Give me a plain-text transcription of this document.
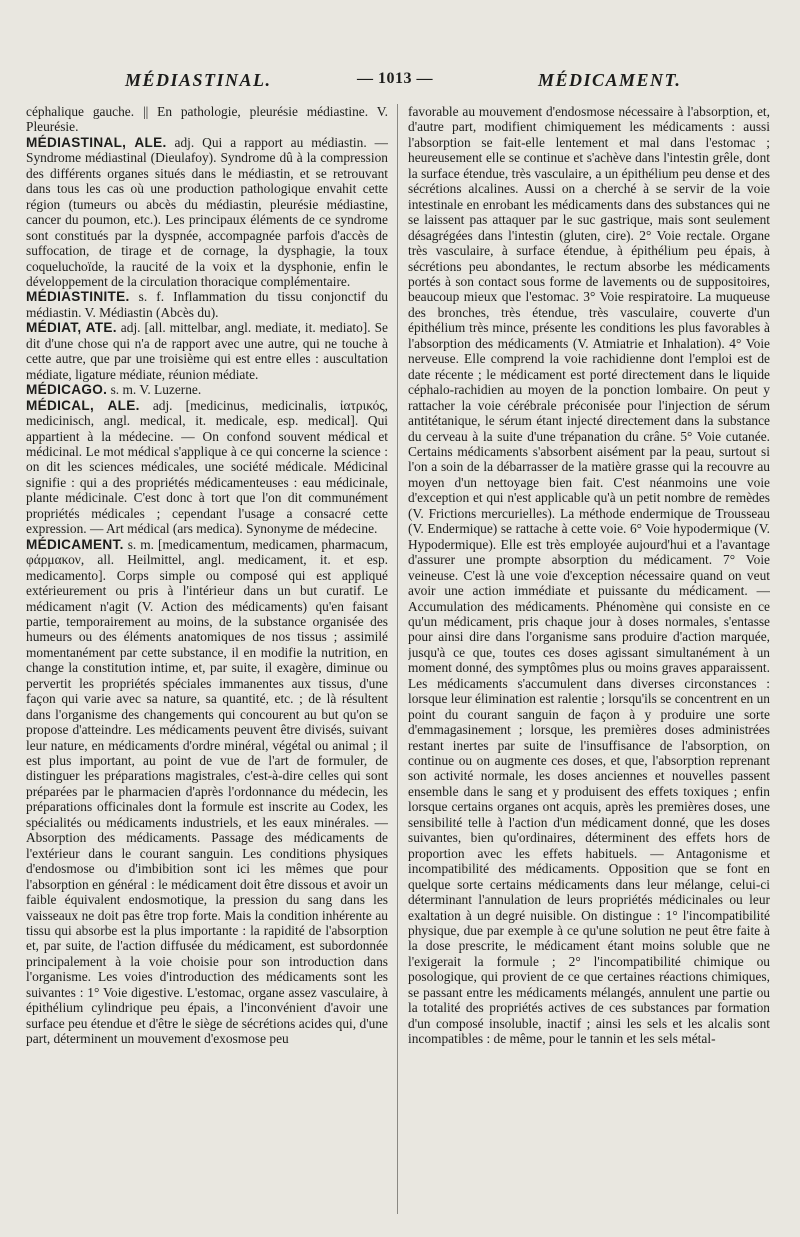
MÉDIASTINAL.	— 1013 —	MÉDICAMENT.

céphalique gauche. || En pathologie, pleurésie médiastine. V. Pleurésie.

MÉDIASTINAL, ALE. adj. Qui a rapport au médiastin. — Syndrome médiastinal (Dieulafoy). Syndrome dû à la compression des différents organes situés dans le médiastin, et se retrouvant dans tous les cas où une production pathologique envahit cette région (tumeurs ou abcès du médiastin, pleurésie médiastine, cancer du poumon, etc.). Les principaux éléments de ce syndrome sont constitués par la dyspnée, accompagnée parfois d'accès de suffocation, de tirage et de cornage, la dysphagie, la toux coqueluchoïde, la raucité de la voix et la dysphonie, enfin le développement de la circulation thoracique complémentaire.

MÉDIASTINITE. s. f. Inflammation du tissu conjonctif du médiastin. V. Médiastin (Abcès du).

MÉDIAT, ATE. adj. [all. mittelbar, angl. mediate, it. mediato]. Se dit d'une chose qui n'a de rapport avec une autre, qui ne touche à cette autre, que par une troisième qui est entre elles : auscultation médiate, ligature médiate, réunion médiate.

MÉDICAGO. s. m. V. Luzerne.

MÉDICAL, ALE. adj. [medicinus, medicinalis, ἰατρικός, medicinisch, angl. medical, it. medicale, esp. medical]. Qui appartient à la médecine. — On confond souvent médical et médicinal. Le mot médical s'applique à ce qui concerne la science : on dit les sciences médicales, une société médicale. Médicinal signifie : qui a des propriétés médicamenteuses : eau médicinale, plante médicinale. C'est donc à tort que l'on dit communément propriétés médicales ; cependant l'usage a consacré cette expression. — Art médical (ars medica). Synonyme de médecine.

MÉDICAMENT. s. m. [medicamentum, medicamen, pharmacum, φάρμακον, all. Heilmittel, angl. medicament, it. et esp. medicamento]. Corps simple ou composé qui est appliqué extérieurement ou pris à l'intérieur dans un but curatif. Le médicament n'agit (V. Action des médicaments) qu'en faisant partie, temporairement au moins, de la substance organisée des humeurs ou des éléments anatomiques de nos tissus ; assimilé momentanément par cette substance, il en modifie la nutrition, en change la constitution intime, et, par suite, il exagère, diminue ou pervertit les propriétés spéciales immanentes aux tissus, d'une façon qui varie avec sa nature, sa quantité, etc. ; de là résultent dans l'organisme des changements qui concourent au but qu'on se propose d'atteindre. Les médicaments peuvent être divisés, suivant leur nature, en médicaments d'ordre minéral, végétal ou animal ; il est plus important, au point de vue de l'art de formuler, de distinguer les préparations magistrales, c'est-à-dire celles qui sont préparées par le pharmacien d'après l'ordonnance du médecin, les préparations officinales dont la formule est inscrite au Codex, les spécialités ou médicaments industriels, et les eaux minérales. — Absorption des médicaments. Passage des médicaments de l'extérieur dans le courant sanguin. Les conditions physiques d'endosmose ou d'imbibition sont ici les mêmes que pour l'absorption en général : le médicament doit être dissous et avoir un faible équivalent endosmotique, la pression du sang dans les vaisseaux ne doit pas être trop forte. Mais la condition inhérente au tissu qui absorbe est la plus importante : la rapidité de l'absorption et, par suite, de l'action diffusée du médicament, est subordonnée principalement à la voie choisie pour son introduction dans l'organisme. Les voies d'introduction des médicaments sont les suivantes : 1° Voie digestive. L'estomac, organe assez vasculaire, à épithélium cylindrique peu épais, a l'inconvénient d'avoir une surface peu étendue et d'être le siège de sécrétions acides qui, d'une part, déterminent un mouvement d'exosmose peu

favorable au mouvement d'endosmose nécessaire à l'absorption, et, d'autre part, modifient chimiquement les médicaments : aussi l'absorption se fait-elle lentement et mal dans l'estomac ; heureusement elle se continue et s'achève dans l'intestin grêle, dont la surface étendue, très vasculaire, a un épithélium peu dense et des sécrétions alcalines. Aussi on a cherché à se servir de la voie intestinale en enrobant les médicaments dans des substances qui ne se laissent pas attaquer par le suc gastrique, mais sont seulement désagrégées dans l'intestin (gluten, cire). 2° Voie rectale. Organe très vasculaire, à surface étendue, à épithélium peu épais, à sécrétions peu abondantes, le rectum absorbe les médicaments portés à son contact sous forme de lavements ou de suppositoires, beaucoup mieux que l'estomac. 3° Voie respiratoire. La muqueuse des bronches, très étendue, très vasculaire, couverte d'un épithélium très mince, présente les conditions les plus favorables à l'absorption des médicaments (V. Atmiatrie et Inhalation). 4° Voie nerveuse. Elle comprend la voie rachidienne dont l'emploi est de date récente ; le médicament est porté directement dans le liquide céphalo-rachidien au moyen de la ponction lombaire. On peut y rattacher la voie cérébrale préconisée pour l'injection de sérum antitétanique, le sérum étant injecté directement dans la substance du cerveau à la suite d'une trépanation du crâne. 5° Voie cutanée. Certains médicaments s'absorbent aisément par la peau, surtout si l'on a soin de la débarrasser de la matière grasse qui la recouvre au moyen d'un nettoyage bien fait. C'est néanmoins une voie d'exception et qui n'est applicable qu'à un petit nombre de remèdes (V. Frictions mercurielles). La méthode endermique de Trousseau (V. Endermique) se rattache à cette voie. 6° Voie hypodermique (V. Hypodermique). Elle est très employée aujourd'hui et a l'avantage d'assurer une prompte absorption du médicament. 7° Voie veineuse. C'est là une voie d'exception nécessaire quand on veut avoir une action immédiate et puissante du médicament. — Accumulation des médicaments. Phénomène qui consiste en ce qu'un médicament, pris chaque jour à doses normales, s'entasse pour ainsi dire dans l'organisme sans produire d'action marquée, jusqu'à ce que, toutes ces doses agissant simultanément à un moment donné, des symptômes plus ou moins graves apparaissent. Les médicaments s'accumulent dans diverses circonstances : lorsque leur élimination est ralentie ; lorsqu'ils se concentrent en un point du courant sanguin de façon à y produire une sorte d'emmagasinement ; lorsque, les premières doses administrées restant inertes par suite de l'insuffisance de l'absorption, on continue ou on augmente ces doses, et que, l'absorption reprenant son activité normale, les doses anciennes et nouvelles passent ensemble dans le sang et y produisent des effets toxiques ; enfin lorsque certains organes ont acquis, après les premières doses, une sensibilité telle à l'action d'un médicament donné, que les doses suivantes, bien qu'ordinaires, déterminent des effets hors de proportion avec les effets habituels. — Antagonisme et incompatibilité des médicaments. Opposition que se font en quelque sorte certains médicaments dans leur mélange, celui-ci déterminant l'annulation de leurs propriétés médicinales ou leur exaltation à un degré nuisible. On distingue : 1° l'incompatibilité physique, due par exemple à ce qu'une solution ne peut être faite à la dose prescrite, le médicament étant moins soluble que ne l'exigerait la formule ; 2° l'incompatibilité chimique ou posologique, qui provient de ce que certaines réactions chimiques, se passant entre les médicaments mélangés, annulent une partie ou la totalité des propriétés actives de ces substances par formation d'un composé insoluble, inactif ; ainsi les sels et les alcalis sont incompatibles : de même, pour le tannin et les sels métal-
